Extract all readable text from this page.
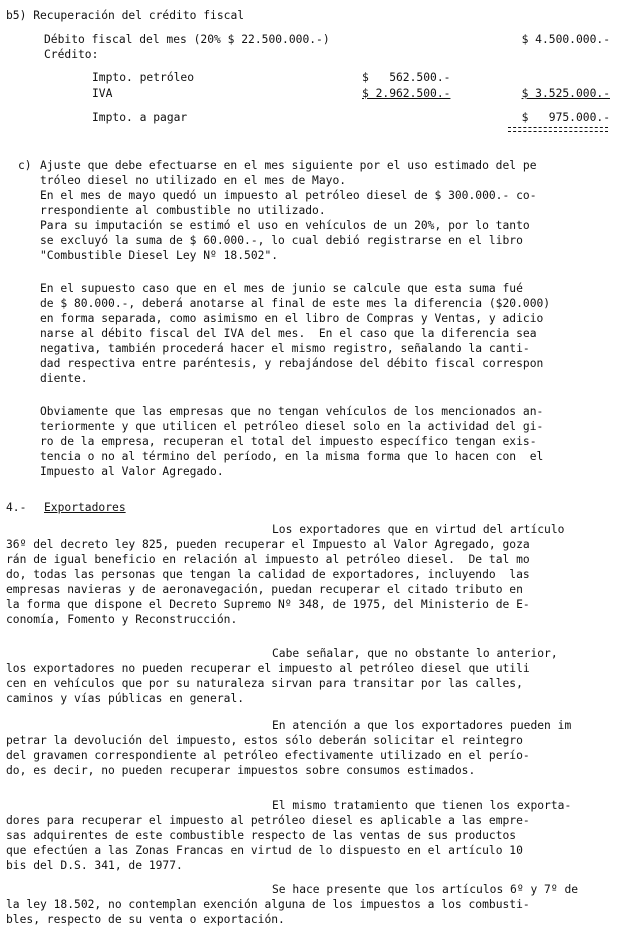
b5) Recuperación del crédito fiscal
Débito fiscal del mes (20% $ 22.500.000.-)	$ 4.500.000.-
Crédito:
Impto. petróleo	$   562.500.-
IVA	$ 2.962.500.-	$ 3.525.000.-
Impto. a pagar	$   975.000.-
c) Ajuste que debe efectuarse en el mes siguiente por el uso estimado del pe
tróleo diesel no utilizado en el mes de Mayo.
En el mes de mayo quedó un impuesto al petróleo diesel de $ 300.000.- co-
rrespondiente al combustible no utilizado.
Para su imputación se estimó el uso en vehículos de un 20%, por lo tanto
se excluyó la suma de $ 60.000.-, lo cual debió registrarse en el libro
"Combustible Diesel Ley Nº 18.502".
En el supuesto caso que en el mes de junio se calcule que esta suma fué
de $ 80.000.-, deberá anotarse al final de este mes la diferencia ($20.000)
en forma separada, como asimismo en el libro de Compras y Ventas, y adicio
narse al débito fiscal del IVA del mes.  En el caso que la diferencia sea
negativa, también procederá hacer el mismo registro, señalando la canti-
dad respectiva entre paréntesis, y rebajándose del débito fiscal correspon
diente.
Obviamente que las empresas que no tengan vehículos de los mencionados an-
teriormente y que utilicen el petróleo diesel solo en la actividad del gi-
ro de la empresa, recuperan el total del impuesto específico tengan exis-
tencia o no al término del período, en la misma forma que lo hacen con  el
Impuesto al Valor Agregado.
4.- Exportadores
Los exportadores que en virtud del artículo
36º del decreto ley 825, pueden recuperar el Impuesto al Valor Agregado, goza
rán de igual beneficio en relación al impuesto al petróleo diesel.  De tal mo
do, todas las personas que tengan la calidad de exportadores, incluyendo  las
empresas navieras y de aeronavegación, puedan recuperar el citado tributo en
la forma que dispone el Decreto Supremo Nº 348, de 1975, del Ministerio de E-
conomía, Fomento y Reconstrucción.
Cabe señalar, que no obstante lo anterior,
los exportadores no pueden recuperar el impuesto al petróleo diesel que utili
cen en vehículos que por su naturaleza sirvan para transitar por las calles,
caminos y vías públicas en general.
En atención a que los exportadores pueden im
petrar la devolución del impuesto, estos sólo deberán solicitar el reintegro
del gravamen correspondiente al petróleo efectivamente utilizado en el perío-
do, es decir, no pueden recuperar impuestos sobre consumos estimados.
El mismo tratamiento que tienen los exporta-
dores para recuperar el impuesto al petróleo diesel es aplicable a las empre-
sas adquirentes de este combustible respecto de las ventas de sus productos
que efectúen a las Zonas Francas en virtud de lo dispuesto en el artículo 10
bis del D.S. 341, de 1977.
Se hace presente que los artículos 6º y 7º de
la ley 18.502, no contemplan exención alguna de los impuestos a los combusti-
bles, respecto de su venta o exportación.
